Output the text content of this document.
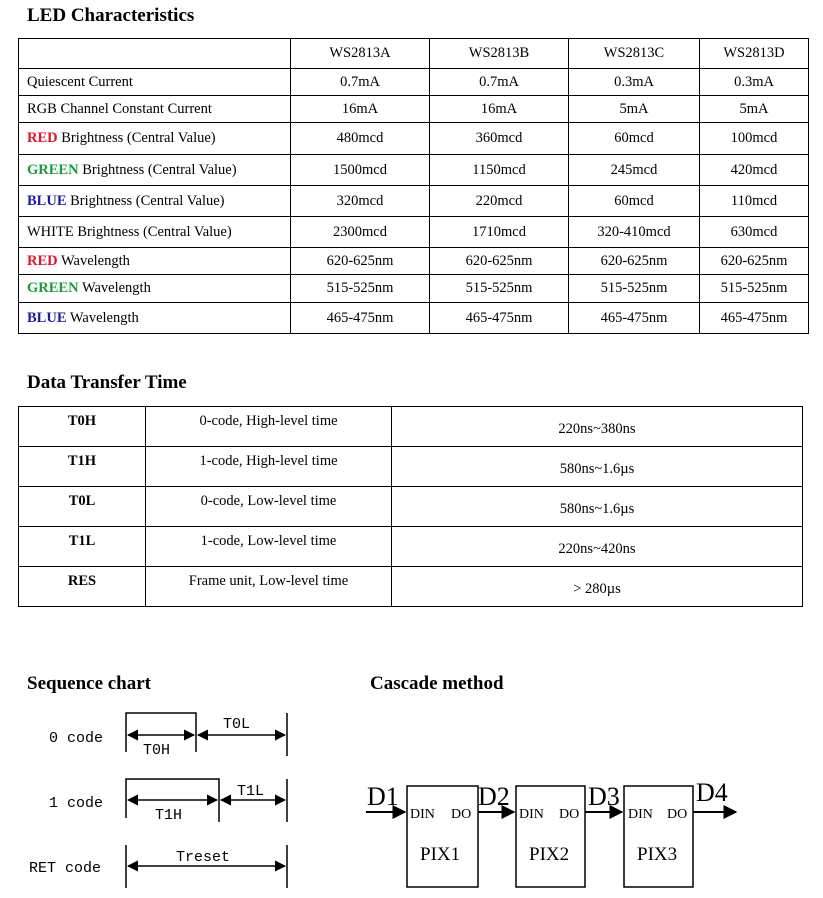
LED Characteristics
	WS2813A	WS2813B	WS2813C	WS2813D
Quiescent Current	0.7mA	0.7mA	0.3mA	0.3mA
RGB Channel Constant Current	16mA	16mA	5mA	5mA
RED Brightness (Central Value)	480mcd	360mcd	60mcd	100mcd
GREEN Brightness (Central Value)	1500mcd	1150mcd	245mcd	420mcd
BLUE Brightness (Central Value)	320mcd	220mcd	60mcd	110mcd
WHITE Brightness (Central Value)	2300mcd	1710mcd	320-410mcd	630mcd
RED Wavelength	620-625nm	620-625nm	620-625nm	620-625nm
GREEN Wavelength	515-525nm	515-525nm	515-525nm	515-525nm
BLUE Wavelength	465-475nm	465-475nm	465-475nm	465-475nm
Data Transfer Time
T0H	0-code, High-level time	220ns~380ns
T1H	1-code, High-level time	580ns~1.6µs
T0L	0-code, Low-level time	580ns~1.6µs
T1L	1-code, Low-level time	220ns~420ns
RES	Frame unit, Low-level time	> 280µs
Sequence chart	Cascade method
0 code
T0H
T0L
1 code
T1H
T1L
RET code
Treset
D1	D2	D3	D4
DIN DO
PIX1
DIN DO
PIX2
DIN DO
PIX3
